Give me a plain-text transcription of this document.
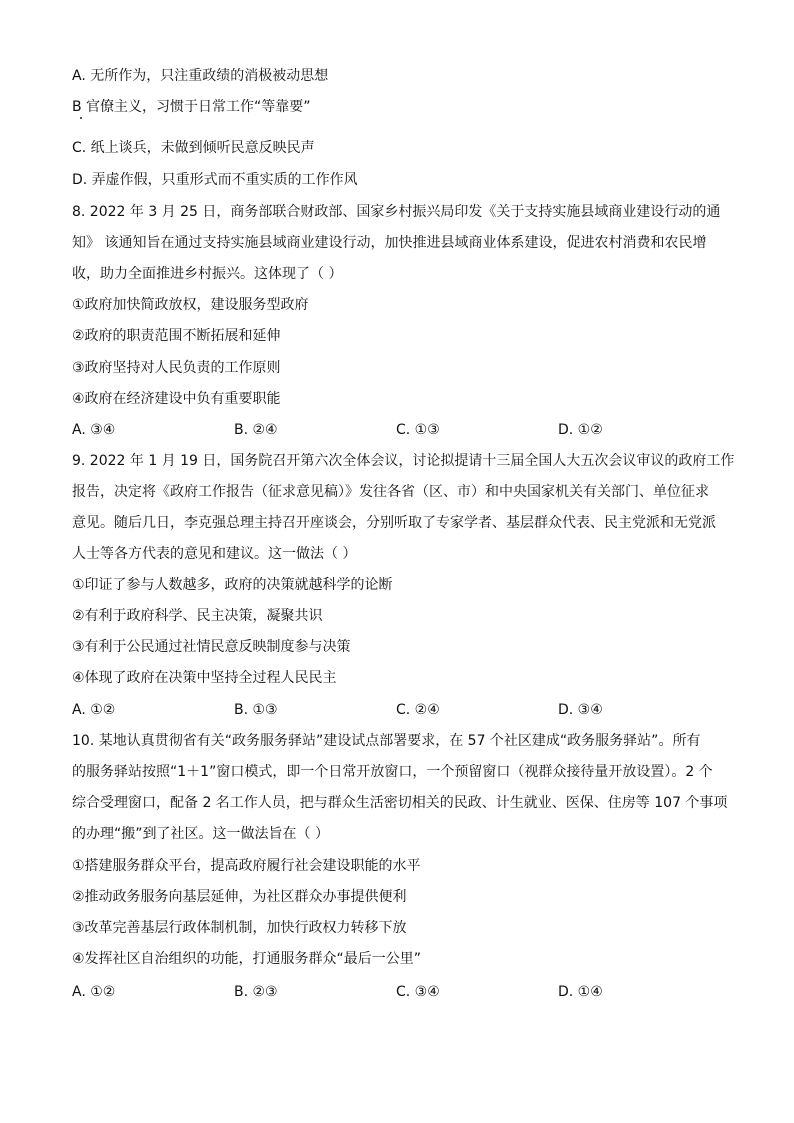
A. 无所作为，只注重政绩的消极被动思想
B 官僚主义，习惯于日常工作“等靠要”
C. 纸上谈兵，未做到倾听民意反映民声
D. 弄虚作假，只重形式而不重实质的工作作风
8. 2022 年 3 月 25 日，商务部联合财政部、国家乡村振兴局印发《关于支持实施县域商业建设行动的通
知》 该通知旨在通过支持实施县域商业建设行动，加快推进县域商业体系建设，促进农村消费和农民增
收，助力全面推进乡村振兴。这体现了（ ）
①政府加快简政放权，建设服务型政府
②政府的职责范围不断拓展和延伸
③政府坚持对人民负责的工作原则
④政府在经济建设中负有重要职能
A. ③④	B. ②④	C. ①③	D. ①②
9. 2022 年 1 月 19 日，国务院召开第六次全体会议，讨论拟提请十三届全国人大五次会议审议的政府工作
报告，决定将《政府工作报告（征求意见稿）》发往各省（区、市）和中央国家机关有关部门、单位征求
意见。随后几日，李克强总理主持召开座谈会，分别听取了专家学者、基层群众代表、民主党派和无党派
人士等各方代表的意见和建议。这一做法（ ）
①印证了参与人数越多，政府的决策就越科学的论断
②有利于政府科学、民主决策，凝聚共识
③有利于公民通过社情民意反映制度参与决策
④体现了政府在决策中坚持全过程人民民主
A. ①②	B. ①③	C. ②④	D. ③④
10. 某地认真贯彻省有关“政务服务驿站”建设试点部署要求，在 57 个社区建成“政务服务驿站”。所有
的服务驿站按照“1＋1”窗口模式，即一个日常开放窗口，一个预留窗口（视群众接待量开放设置）。2 个
综合受理窗口，配备 2 名工作人员，把与群众生活密切相关的民政、计生就业、医保、住房等 107 个事项
的办理“搬”到了社区。这一做法旨在（ ）
①搭建服务群众平台，提高政府履行社会建设职能的水平
②推动政务服务向基层延伸，为社区群众办事提供便利
③改革完善基层行政体制机制，加快行政权力转移下放
④发挥社区自治组织的功能，打通服务群众“最后一公里”
A. ①②	B. ②③	C. ③④	D. ①④
